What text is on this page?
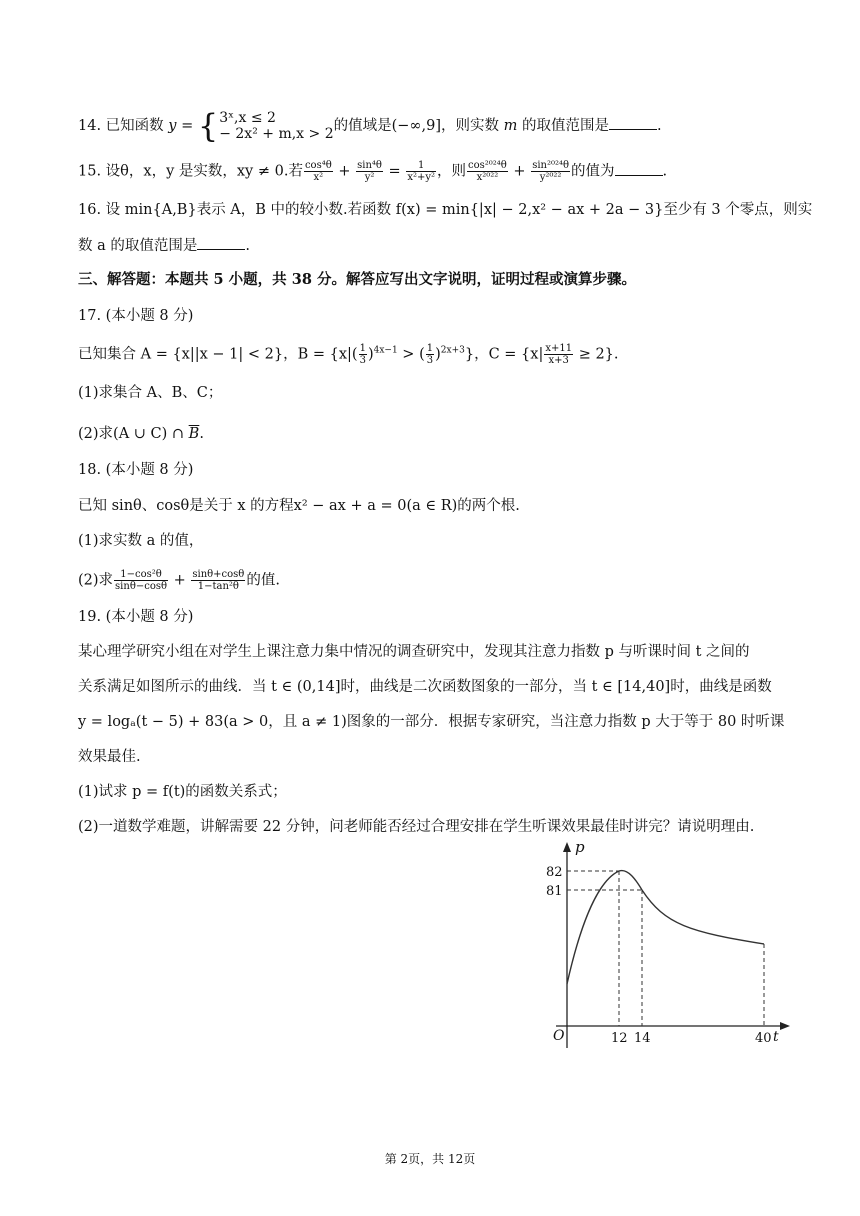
14. 已知函数 y = { 3ˣ,x ≤ 2
− 2x² + m,x > 2 的值域是(−∞,9]，则实数 m 的取值范围是	.
15. 设θ，x，y 是实数，xy ≠ 0.若 $\frac{\text{cos⁴θ}}{\text{x²}} + \frac{\text{sin⁴θ}}{\text{y²}} = \frac{1}{\text{x²+y²}}$ ，则 $\frac{\text{cos²⁰²⁴θ}}{\text{x²⁰²²}} + \frac{\text{sin²⁰²⁴θ}}{\text{y²⁰²²}}$ 的值为	.
16. 设 min{A,B}表示 A，B 中的较小数.若函数 f(x) = min{|x| − 2,x² − ax + 2a − 3}至少有 3 个零点，则实
数 a 的取值范围是	.
三、解答题：本题共 5 小题，共 38 分。解答应写出文字说明，证明过程或演算步骤。
17. (本小题 8 分)
已知集合 A = {x||x − 1| < 2}，$B = \{x|( \frac{1}{3} )^{4x-1}$ > ( $\frac{1}{3} )^{2x+3}$}，$C = \{x| \frac{x+11}{x+3} \ge 2\}$.
(1)求集合 A、B、C；
(2)求(A ∪ C) ∩ $\overline{B}$.
18. (本小题 8 分)
已知 sinθ、cosθ是关于 x 的方程x² − ax + a = 0(a ∈ R)的两个根.
(1)求实数 a 的值，
(2)求 $\frac{\text{1−cos²θ}}{\sin\theta-\cos\theta} + \frac{\sin\theta+\cos\theta}{\text{1−tan²θ}}$ 的值.
19. (本小题 8 分)
某心理学研究小组在对学生上课注意力集中情况的调查研究中，发现其注意力指数 p 与听课时间 t 之间的
关系满足如图所示的曲线．当 t ∈ (0,14]时，曲线是二次函数图象的一部分，当 t ∈ [14,40]时，曲线是函数
y = logₐ(t − 5) + 83(a > 0，且 a ≠ 1)图象的一部分．根据专家研究，当注意力指数 p 大于等于 80 时听课
效果最佳.
(1)试求 p = f(t)的函数关系式；
(2)一道数学难题，讲解需要 22 分钟，问老师能否经过合理安排在学生听课效果最佳时讲完？请说明理由.
p
t
O
82
81
12 14	40
第 2页，共 12页
